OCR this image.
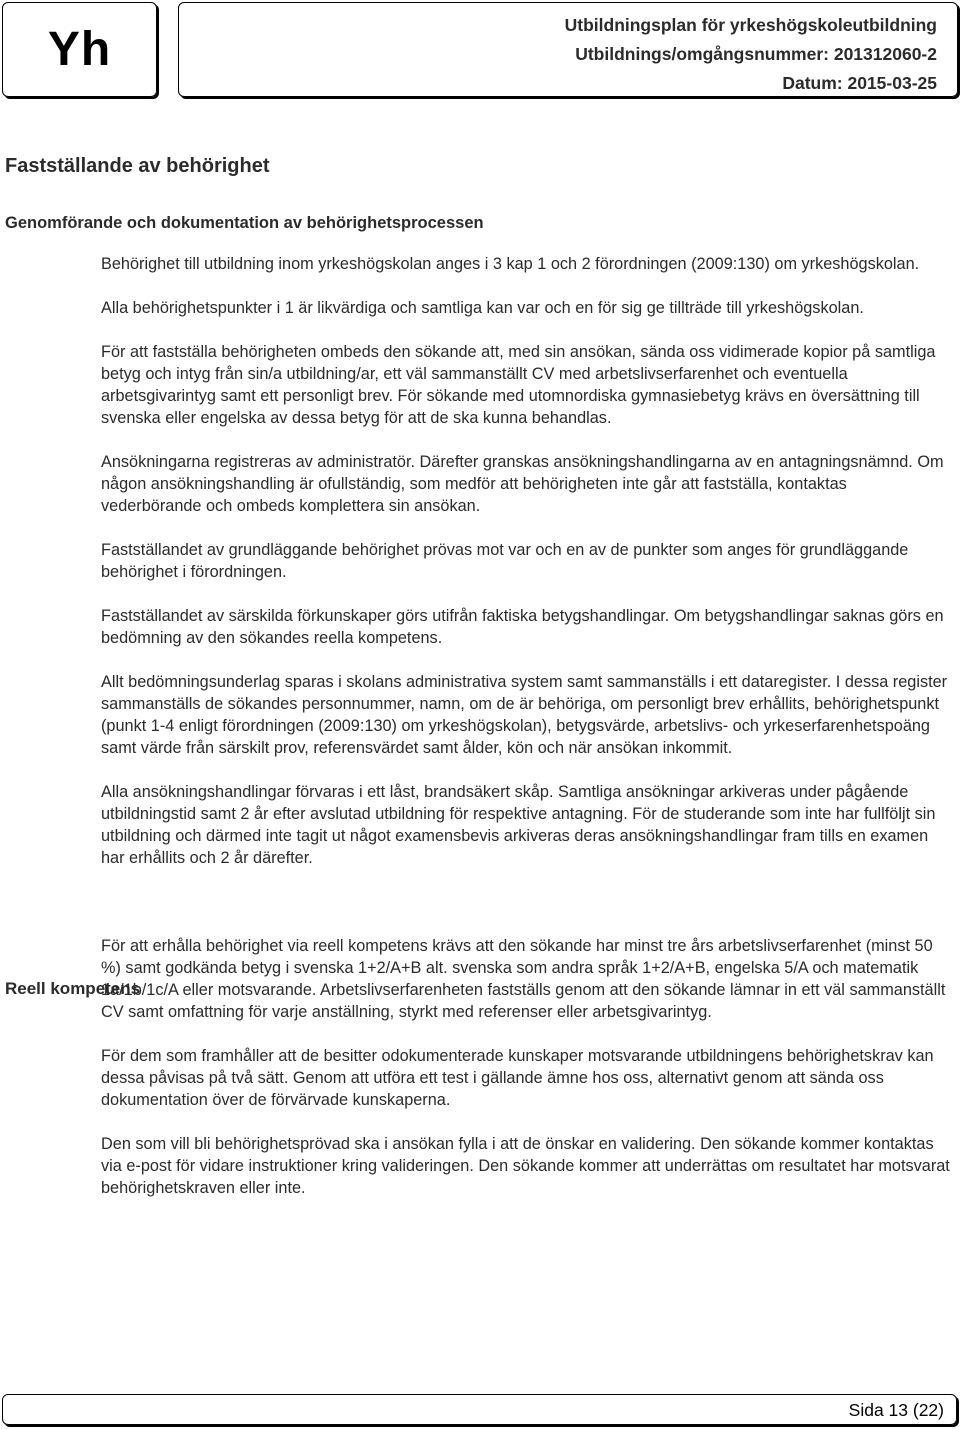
Yh	Utbildningsplan för yrkeshögskoleutbildning
Utbildnings/omgångsnummer: 201312060-2
Datum: 2015-03-25
Fastställande av behörighet
Genomförande och dokumentation av behörighetsprocessen
Reell kompetens

Behörighet till utbildning inom yrkeshögskolan anges i 3 kap 1 och 2 förordningen (2009:130) om yrkeshögskolan.

Alla behörighetspunkter i 1 är likvärdiga och samtliga kan var och en för sig ge tillträde till yrkeshögskolan.

För att fastställa behörigheten ombeds den sökande att, med sin ansökan, sända oss vidimerade kopior på samtliga betyg och intyg från sin/a utbildning/ar, ett väl sammanställt CV med arbetslivserfarenhet och eventuella arbetsgivarintyg samt ett personligt brev. För sökande med utomnordiska gymnasiebetyg krävs en översättning till svenska eller engelska av dessa betyg för att de ska kunna behandlas.

Ansökningarna registreras av administratör. Därefter granskas ansökningshandlingarna av en antagningsnämnd. Om någon ansökningshandling är ofullständig, som medför att behörigheten inte går att fastställa, kontaktas vederbörande och ombeds komplettera sin ansökan.

Fastställandet av grundläggande behörighet prövas mot var och en av de punkter som anges för grundläggande behörighet i förordningen.

Fastställandet av särskilda förkunskaper görs utifrån faktiska betygshandlingar. Om betygshandlingar saknas görs en bedömning av den sökandes reella kompetens.

Allt bedömningsunderlag sparas i skolans administrativa system samt sammanställs i ett dataregister. I dessa register sammanställs de sökandes personnummer, namn, om de är behöriga, om personligt brev erhållits, behörighetspunkt (punkt 1-4 enligt förordningen (2009:130) om yrkeshögskolan), betygsvärde, arbetslivs- och yrkeserfarenhetspoäng samt värde från särskilt prov, referensvärdet samt ålder, kön och när ansökan inkommit.

Alla ansökningshandlingar förvaras i ett låst, brandsäkert skåp. Samtliga ansökningar arkiveras under pågående utbildningstid samt 2 år efter avslutad utbildning för respektive antagning. För de studerande som inte har fullföljt sin utbildning och därmed inte tagit ut något examensbevis arkiveras deras ansökningshandlingar fram tills en examen har erhållits och 2 år därefter.

För att erhålla behörighet via reell kompetens krävs att den sökande har minst tre års arbetslivserfarenhet (minst 50 %) samt godkända betyg i svenska 1+2/A+B alt. svenska som andra språk 1+2/A+B, engelska 5/A och matematik 1a/1b/1c/A eller motsvarande. Arbetslivserfarenheten fastställs genom att den sökande lämnar in ett väl sammanställt CV samt omfattning för varje anställning, styrkt med referenser eller arbetsgivarintyg.

För dem som framhåller att de besitter odokumenterade kunskaper motsvarande utbildningens behörighetskrav kan dessa påvisas på två sätt. Genom att utföra ett test i gällande ämne hos oss, alternativt genom att sända oss dokumentation över de förvärvade kunskaperna.

Den som vill bli behörighetsprövad ska i ansökan fylla i att de önskar en validering. Den sökande kommer kontaktas via e-post för vidare instruktioner kring valideringen. Den sökande kommer att underrättas om resultatet har motsvarat behörighetskraven eller inte.

Sida 13 (22)
